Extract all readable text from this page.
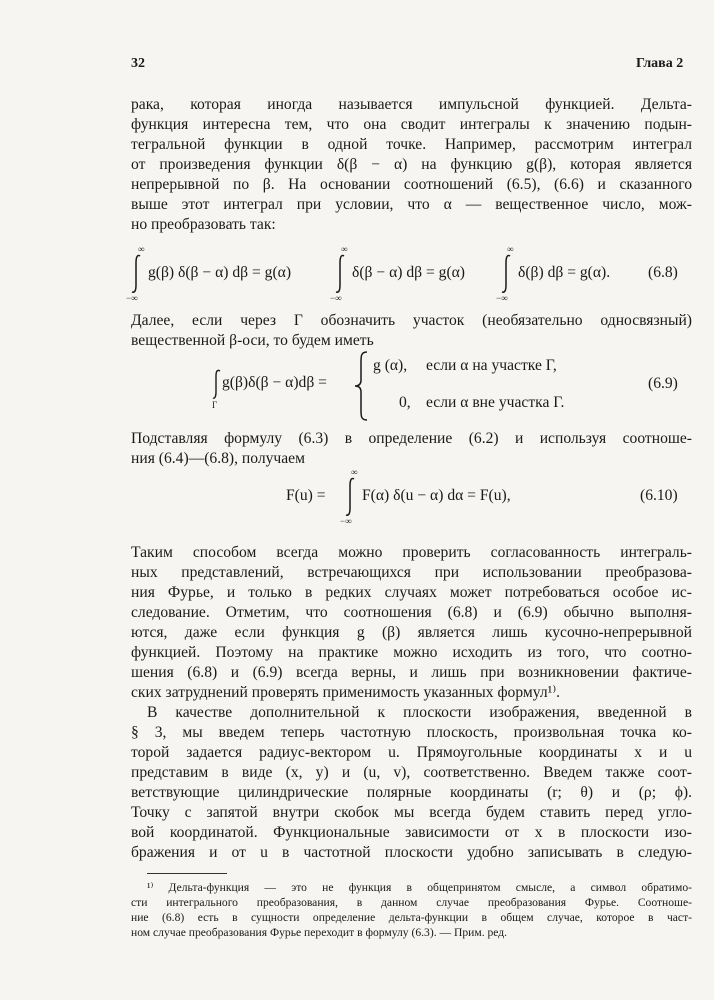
32	Глава 2
рака, которая иногда называется импульсной функцией. Дельта-
функция интересна тем, что она сводит интегралы к значению подын-
тегральной функции в одной точке. Например, рассмотрим интеграл
от произведения функции δ(β − α) на функцию g(β), которая является
непрерывной по β. На основании соотношений (6.5), (6.6) и сказанного
выше этот интеграл при условии, что α — вещественное число, мож-
но преобразовать так:
∞
−∞
g(β) δ(β − α) dβ = g(α)
∞
−∞
δ(β − α) dβ = g(α)
∞
−∞
δ(β) dβ = g(α). (6.8)
Далее, если через Γ обозначить участок (необязательно односвязный)
вещественной β-оси, то будем иметь
Γ
g(β)δ(β − α)dβ =
g (α), если α на участке Γ,
0, если α вне участка Γ.
(6.9)
Подставляя формулу (6.3) в определение (6.2) и используя соотноше-
ния (6.4)—(6.8), получаем
F(u) =
∞
−∞
F(α) δ(u − α) dα = F(u),	(6.10)
Таким способом всегда можно проверить согласованность интеграль-
ных представлений, встречающихся при использовании преобразова-
ния Фурье, и только в редких случаях может потребоваться особое ис-
следование. Отметим, что соотношения (6.8) и (6.9) обычно выполня-
ются, даже если функция g (β) является лишь кусочно-непрерывной
функцией. Поэтому на практике можно исходить из того, что соотно-
шения (6.8) и (6.9) всегда верны, и лишь при возникновении фактиче-
ских затруднений проверять применимость указанных формул¹⁾.
В качестве дополнительной к плоскости изображения, введенной в
§ 3, мы введем теперь частотную плоскость, произвольная точка ко-
торой задается радиус-вектором u. Прямоугольные координаты x и u
представим в виде (x, y) и (u, v), соответственно. Введем также соот-
ветствующие цилиндрические полярные координаты (r; θ) и (ρ; ϕ).
Точку с запятой внутри скобок мы всегда будем ставить перед угло-
вой координатой. Функциональные зависимости от x в плоскости изо-
бражения и от u в частотной плоскости удобно записывать в следую-
¹⁾ Дельта-функция — это не функция в общепринятом смысле, а символ обратимо-
сти интегрального преобразования, в данном случае преобразования Фурье. Соотноше-
ние (6.8) есть в сущности определение дельта-функции в общем случае, которое в част-
ном случае преобразования Фурье переходит в формулу (6.3). — Прим. ред.
